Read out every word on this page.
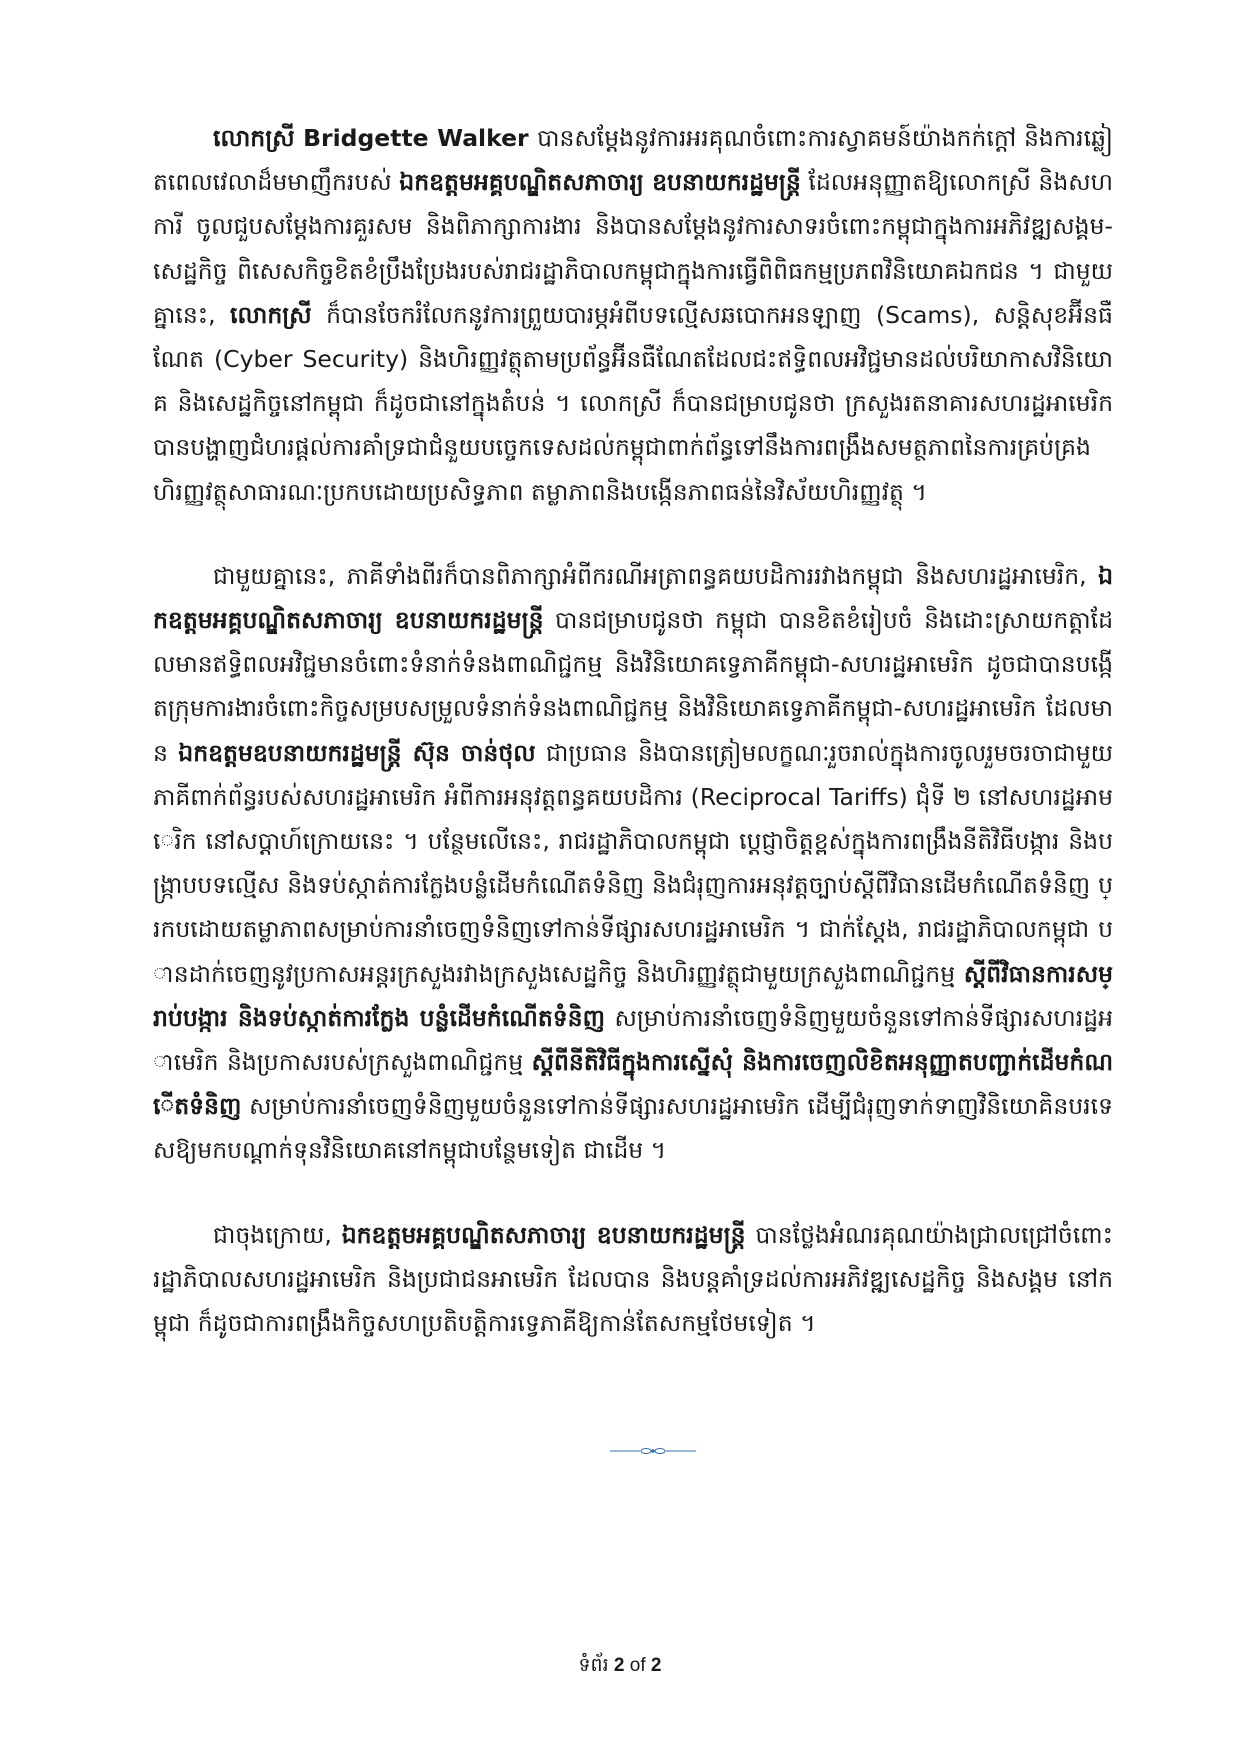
លោកស្រី Bridgette Walker បានសម្តែងនូវការអរគុណចំពោះការស្វាគមន៍យ៉ាងកក់ក្តៅ និងការឆ្លៀតពេលវេលាដ៏មមាញឹករបស់ ឯកឧត្តមអគ្គបណ្ឌិតសភាចារ្យ ឧបនាយករដ្ឋមន្ត្រី ដែលអនុញ្ញាតឱ្យលោកស្រី និងសហការី ចូលជួបសម្តែងការគួរសម និងពិភាក្សាការងារ និងបានសម្តែងនូវការសាទរចំពោះកម្ពុជាក្នុងការអភិវឌ្ឍសង្គម-សេដ្ឋកិច្ច ពិសេសកិច្ចខិតខំប្រឹងប្រែងរបស់រាជរដ្ឋាភិបាលកម្ពុជាក្នុងការធ្វើពិពិធកម្មប្រភពវិនិយោគឯកជន ។ ជាមួយគ្នានេះ, លោកស្រី ក៏បានចែករំលែកនូវការព្រួយបារម្ភអំពីបទល្មើសឆបោកអនឡាញ (Scams), សន្តិសុខអ៊ីនធឺណែត (Cyber Security) និងហិរញ្ញវត្ថុតាមប្រព័ន្ធអ៊ីនធឺណែតដែលជះឥទ្ធិពលអវិជ្ជមានដល់បរិយាកាសវិនិយោគ និងសេដ្ឋកិច្ចនៅកម្ពុជា ក៏ដូចជានៅក្នុងតំបន់ ។ លោកស្រី ក៏បានជម្រាបជូនថា ក្រសួងរតនាគារសហរដ្ឋអាមេរិក បានបង្ហាញជំហរផ្តល់ការគាំទ្រជាជំនួយបច្ចេកទេសដល់កម្ពុជាពាក់ព័ន្ធទៅនឹងការពង្រឹងសមត្ថភាពនៃការគ្រប់គ្រងហិរញ្ញវត្ថុសាធារណៈប្រកបដោយប្រសិទ្ធភាព តម្លាភាពនិងបង្កើនភាពធន់នៃវិស័យហិរញ្ញវត្ថុ ។

ជាមួយគ្នានេះ, ភាគីទាំងពីរក៏បានពិភាក្សាអំពីករណីអត្រាពន្ធគយបដិការរវាងកម្ពុជា និងសហរដ្ឋអាមេរិក, ឯកឧត្តមអគ្គបណ្ឌិតសភាចារ្យ ឧបនាយករដ្ឋមន្ត្រី បានជម្រាបជូនថា កម្ពុជា បានខិតខំរៀបចំ និងដោះស្រាយកត្តាដែលមានឥទ្ធិពលអវិជ្ជមានចំពោះទំនាក់ទំនងពាណិជ្ជកម្ម និងវិនិយោគទ្វេភាគីកម្ពុជា-សហរដ្ឋអាមេរិក ដូចជាបានបង្កើតក្រុមការងារចំពោះកិច្ចសម្របសម្រួលទំនាក់ទំនងពាណិជ្ជកម្ម និងវិនិយោគទ្វេភាគីកម្ពុជា-សហរដ្ឋអាមេរិក ដែលមាន ឯកឧត្តមឧបនាយករដ្ឋមន្ត្រី ស៊ុន ចាន់ថុល ជាប្រធាន និងបានត្រៀមលក្ខណៈរួចរាល់ក្នុងការចូលរួមចរចាជាមួយភាគីពាក់ព័ន្ធរបស់សហរដ្ឋអាមេរិក អំពីការអនុវត្តពន្ធគយបដិការ (Reciprocal Tariffs) ជុំទី ២ នៅសហរដ្ឋអាមេរិក នៅសប្តាហ៍ក្រោយនេះ ។ បន្ថែមលើនេះ, រាជរដ្ឋាភិបាលកម្ពុជា ប្តេជ្ញាចិត្តខ្ពស់ក្នុងការពង្រឹងនីតិវិធីបង្ការ និងបង្ក្រាបបទល្មើស និងទប់ស្កាត់ការក្លែងបន្លំដើមកំណើតទំនិញ និងជំរុញការអនុវត្តច្បាប់ស្តីពីវិធានដើមកំណើតទំនិញ ប្រកបដោយតម្លាភាពសម្រាប់ការនាំចេញទំនិញទៅកាន់ទីផ្សារសហរដ្ឋអាមេរិក ។ ជាក់ស្តែង, រាជរដ្ឋាភិបាលកម្ពុជា បានដាក់ចេញនូវប្រកាសអន្តរក្រសួងរវាងក្រសួងសេដ្ឋកិច្ច និងហិរញ្ញវត្ថុជាមួយក្រសួងពាណិជ្ជកម្ម ស្តីពីវិធានការសម្រាប់បង្ការ និងទប់ស្កាត់ការក្លែង បន្លំដើមកំណើតទំនិញ សម្រាប់ការនាំចេញទំនិញមួយចំនួនទៅកាន់ទីផ្សារសហរដ្ឋអាមេរិក និងប្រកាសរបស់ក្រសួងពាណិជ្ជកម្ម ស្តីពីនីតិវិធីក្នុងការស្នើសុំ និងការចេញលិខិតអនុញ្ញាតបញ្ជាក់ដើមកំណើតទំនិញ សម្រាប់ការនាំចេញទំនិញមួយចំនួនទៅកាន់ទីផ្សារសហរដ្ឋអាមេរិក ដើម្បីជំរុញទាក់ទាញវិនិយោគិនបរទេសឱ្យមកបណ្តាក់ទុនវិនិយោគនៅកម្ពុជាបន្ថែមទៀត ជាដើម ។

ជាចុងក្រោយ, ឯកឧត្តមអគ្គបណ្ឌិតសភាចារ្យ ឧបនាយករដ្ឋមន្ត្រី បានថ្លែងអំណរគុណយ៉ាងជ្រាលជ្រៅចំពោះរដ្ឋាភិបាលសហរដ្ឋអាមេរិក និងប្រជាជនអាមេរិក ដែលបាន និងបន្តគាំទ្រដល់ការអភិវឌ្ឍសេដ្ឋកិច្ច និងសង្គម នៅកម្ពុជា ក៏ដូចជាការពង្រឹងកិច្ចសហប្រតិបត្តិការទ្វេភាគីឱ្យកាន់តែសកម្មថែមទៀត ។

ទំព័រ 2 of 2
